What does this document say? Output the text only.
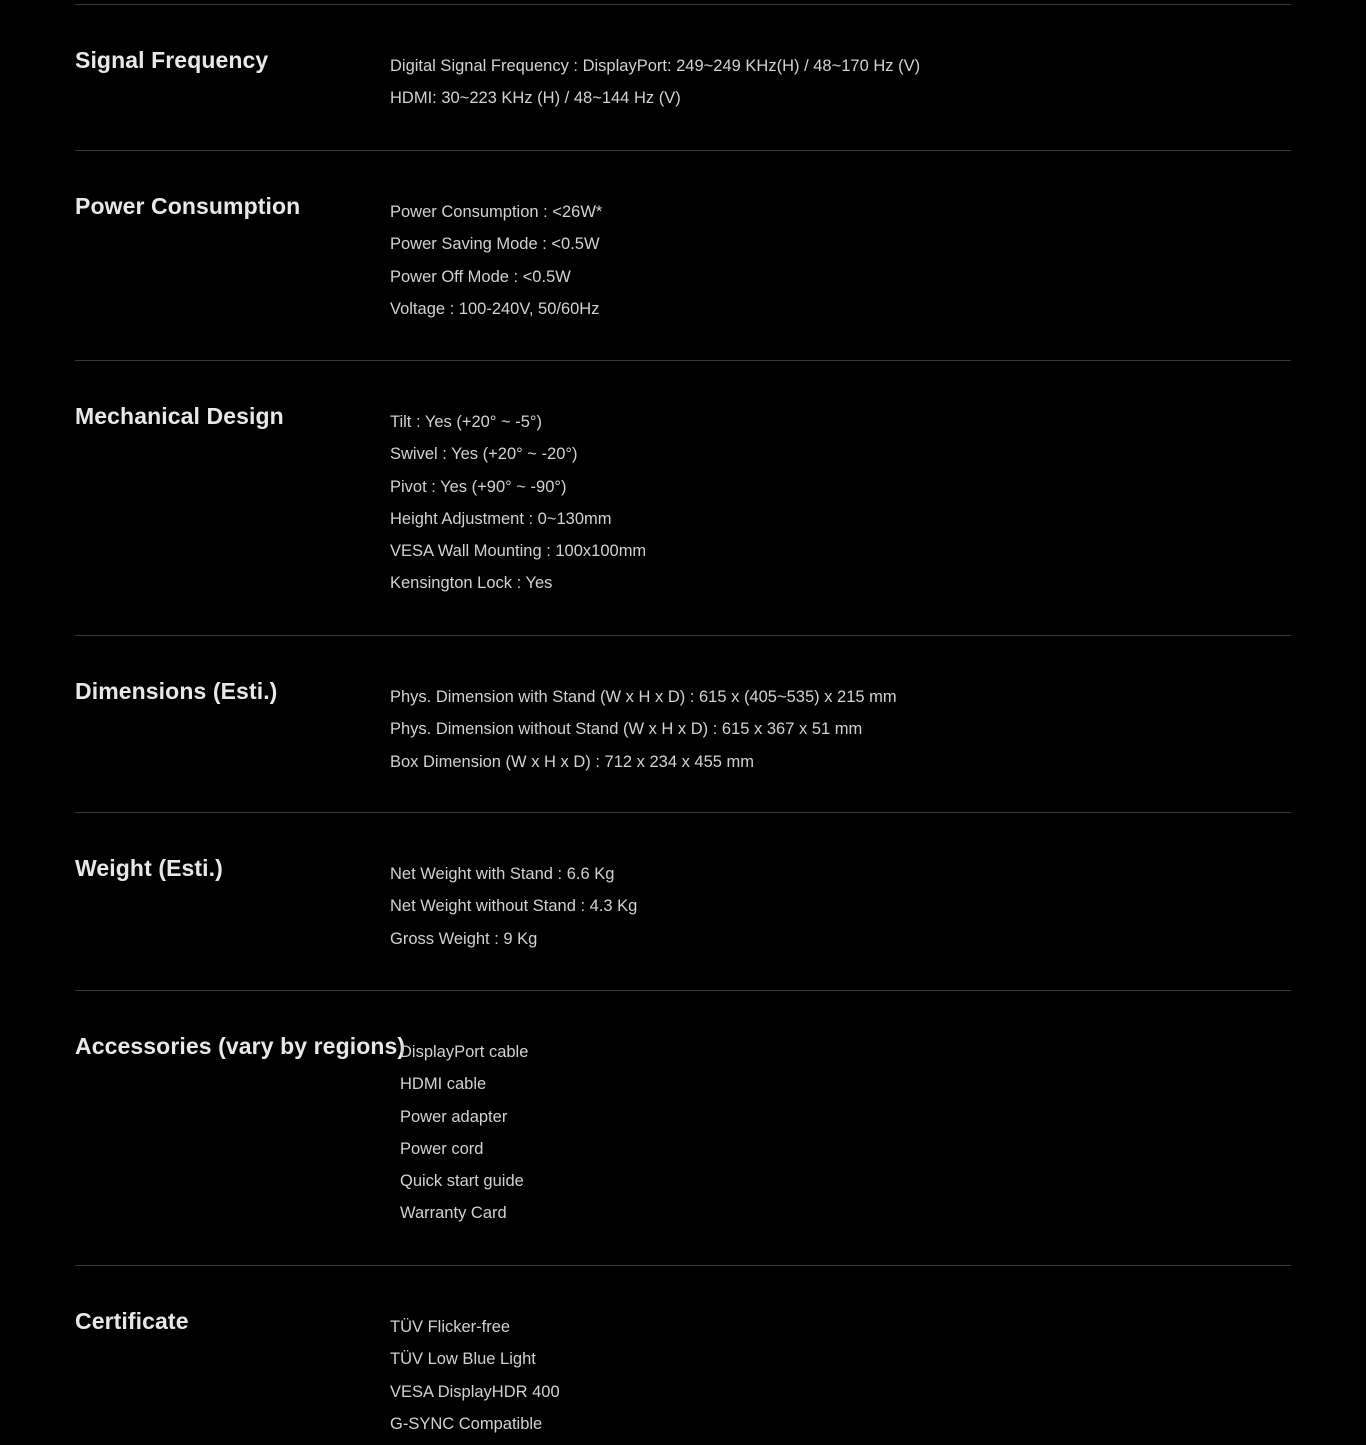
Signal Frequency	Digital Signal Frequency : DisplayPort: 249~249 KHz(H) / 48~170 Hz (V)
HDMI: 30~223 KHz (H) / 48~144 Hz (V)
Power Consumption	Power Consumption : <26W*
Power Saving Mode : <0.5W
Power Off Mode : <0.5W
Voltage : 100-240V, 50/60Hz
Mechanical Design	Tilt : Yes (+20° ~ -5°)
Swivel : Yes (+20° ~ -20°)
Pivot : Yes (+90° ~ -90°)
Height Adjustment : 0~130mm
VESA Wall Mounting : 100x100mm
Kensington Lock : Yes
Dimensions (Esti.)	Phys. Dimension with Stand (W x H x D) : 615 x (405~535) x 215 mm
Phys. Dimension without Stand (W x H x D) : 615 x 367 x 51 mm
Box Dimension (W x H x D) : 712 x 234 x 455 mm
Weight (Esti.)	Net Weight with Stand : 6.6 Kg
Net Weight without Stand : 4.3 Kg
Gross Weight : 9 Kg
Accessories (vary by regions)
DisplayPort cable
HDMI cable
Power adapter
Power cord
Quick start guide
Warranty Card
Certificate	TÜV Flicker-free
TÜV Low Blue Light
VESA DisplayHDR 400
G-SYNC Compatible
